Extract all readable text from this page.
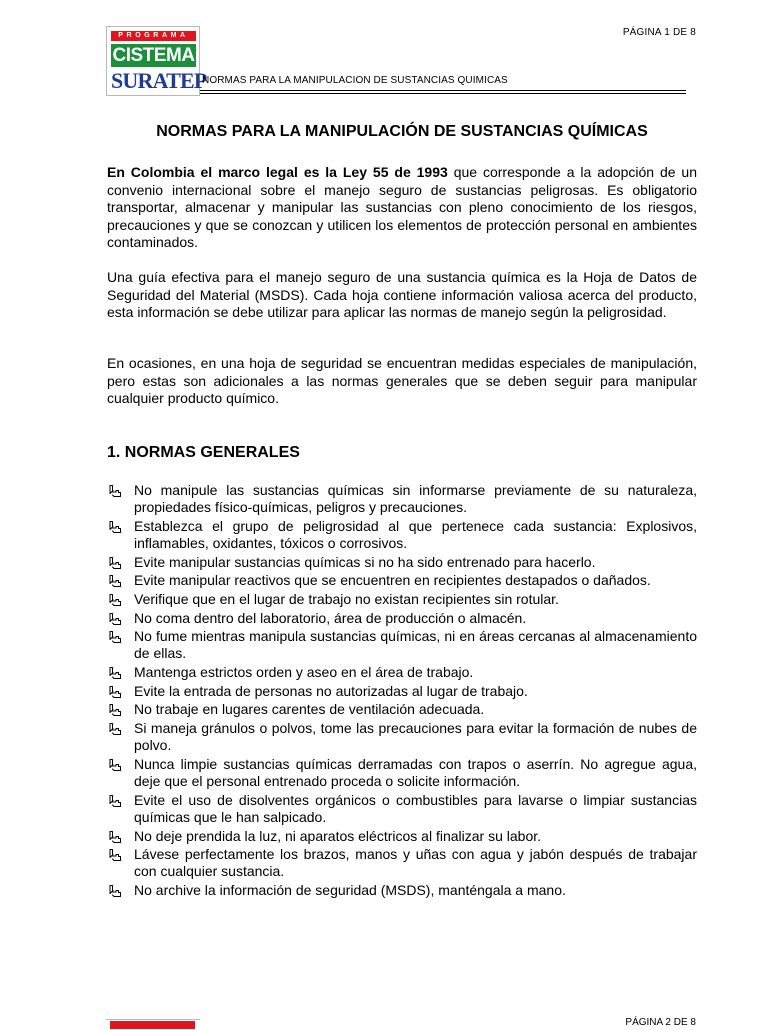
PÁGINA 1 DE 8
PROGRAMA
CISTEMA
SURATEP
NORMAS PARA LA MANIPULACION DE SUSTANCIAS QUIMICAS
NORMAS PARA LA MANIPULACIÓN DE SUSTANCIAS QUÍMICAS
En Colombia el marco legal es la Ley 55 de 1993 que corresponde a la adopción de un convenio internacional sobre el manejo seguro de sustancias peligrosas. Es obligatorio transportar, almacenar y manipular las sustancias con pleno conocimiento de los riesgos, precauciones y que se conozcan y utilicen los elementos de protección personal en ambientes contaminados.
Una guía efectiva para el manejo seguro de una sustancia química es la Hoja de Datos de Seguridad del Material (MSDS). Cada hoja contiene información valiosa acerca del producto, esta información se debe utilizar para aplicar las normas de manejo según la peligrosidad.
En ocasiones, en una hoja de seguridad se encuentran medidas especiales de manipulación, pero estas son adicionales a las normas generales que se deben seguir para manipular cualquier producto químico.
1. NORMAS GENERALES
No manipule las sustancias químicas sin informarse previamente de su naturaleza, propiedades físico-químicas, peligros y precauciones.
Establezca el grupo de peligrosidad al que pertenece cada sustancia: Explosivos, inflamables, oxidantes, tóxicos o corrosivos.
Evite manipular sustancias químicas si no ha sido entrenado para hacerlo.
Evite manipular reactivos que se encuentren en recipientes destapados o dañados.
Verifique que en el lugar de trabajo no existan recipientes sin rotular.
No coma dentro del laboratorio, área de producción o almacén.
No fume mientras manipula sustancias químicas, ni en áreas cercanas al almacenamiento de ellas.
Mantenga estrictos orden y aseo en el área de trabajo.
Evite la entrada de personas no autorizadas al lugar de trabajo.
No trabaje en lugares carentes de ventilación adecuada.
Si maneja gránulos o polvos, tome las precauciones para evitar la formación de nubes de polvo.
Nunca limpie sustancias químicas derramadas con trapos o aserrín. No agregue agua, deje que el personal entrenado proceda o solicite información.
Evite el uso de disolventes orgánicos o combustibles para lavarse o limpiar sustancias químicas que le han salpicado.
No deje prendida la luz, ni aparatos eléctricos al finalizar su labor.
Lávese perfectamente los brazos, manos y uñas con agua y jabón después de trabajar con cualquier sustancia.
No archive la información de seguridad (MSDS), manténgala a mano.
PÁGINA 2 DE 8
